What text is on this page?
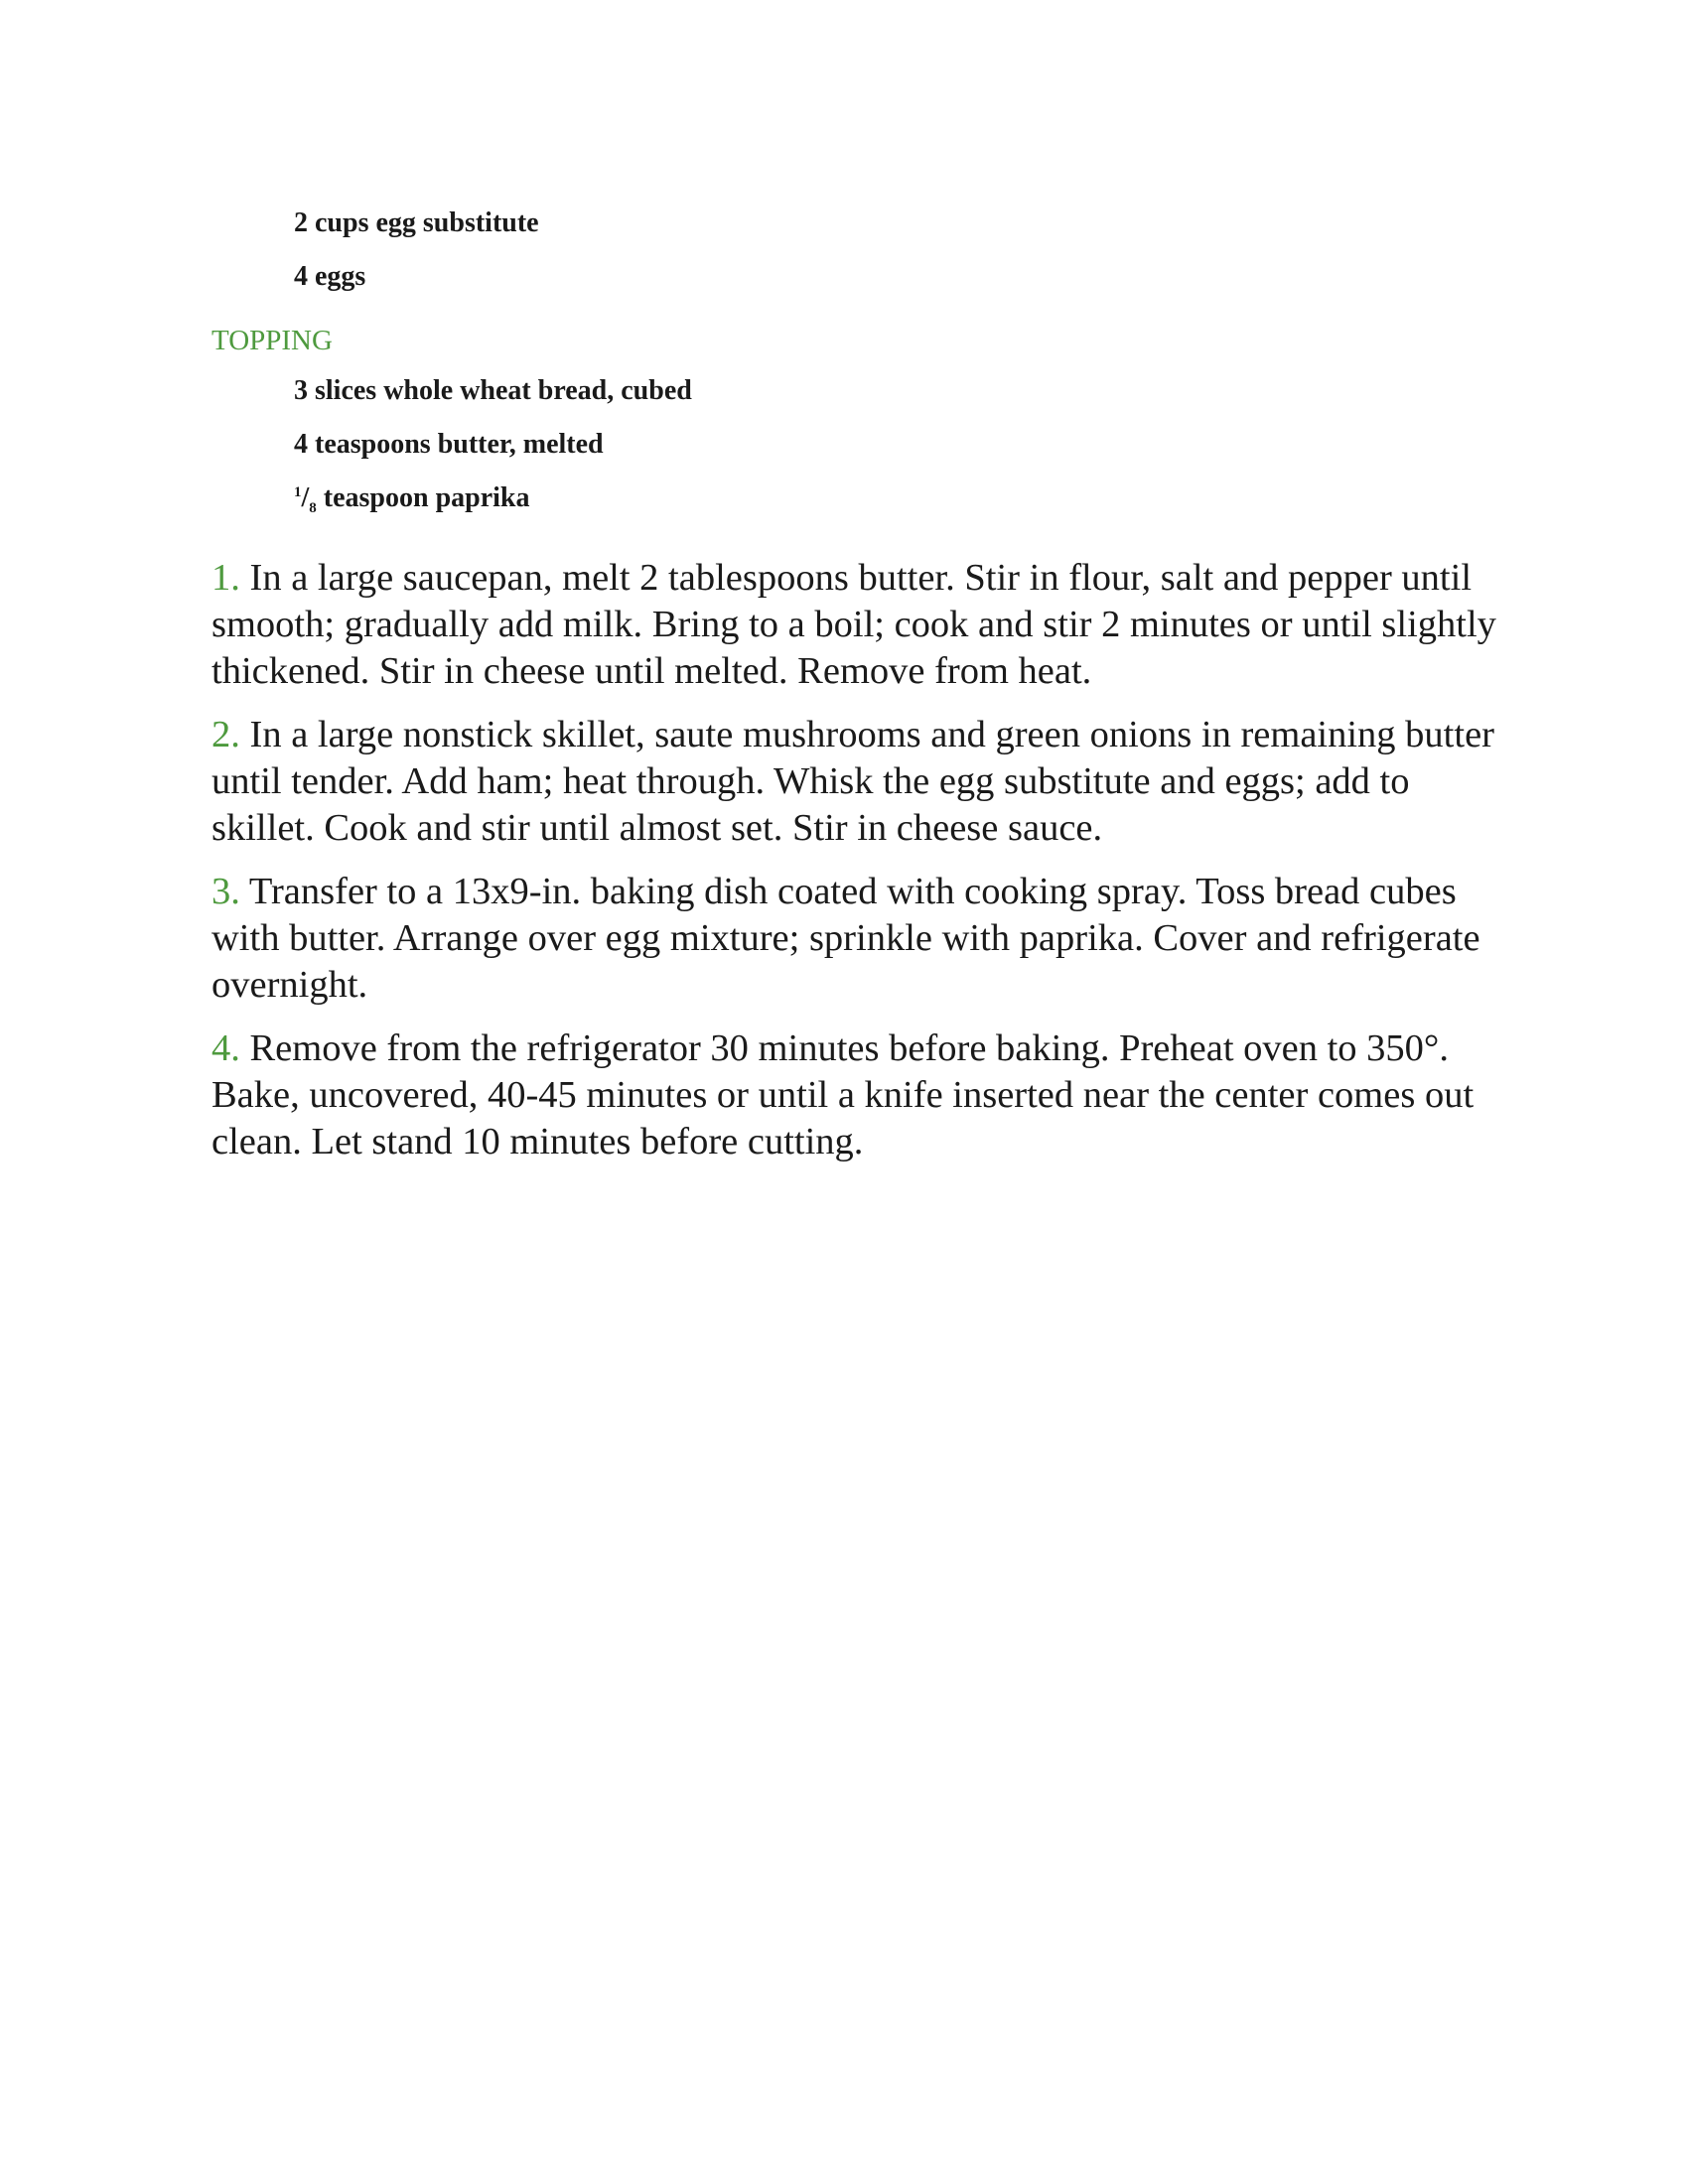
2 cups egg substitute
4 eggs
TOPPING
3 slices whole wheat bread, cubed
4 teaspoons butter, melted
$^1/_8$ teaspoon paprika

1. In a large saucepan, melt 2 tablespoons butter. Stir in flour, salt and pepper until smooth; gradually add milk. Bring to a boil; cook and stir 2 minutes or until slightly thickened. Stir in cheese until melted. Remove from heat.

2. In a large nonstick skillet, saute mushrooms and green onions in remaining butter until tender. Add ham; heat through. Whisk the egg substitute and eggs; add to skillet. Cook and stir until almost set. Stir in cheese sauce.

3. Transfer to a 13x9-in. baking dish coated with cooking spray. Toss bread cubes with butter. Arrange over egg mixture; sprinkle with paprika. Cover and refrigerate overnight.

4. Remove from the refrigerator 30 minutes before baking. Preheat oven to 350°. Bake, uncovered, 40-45 minutes or until a knife inserted near the center comes out clean. Let stand 10 minutes before cutting.
